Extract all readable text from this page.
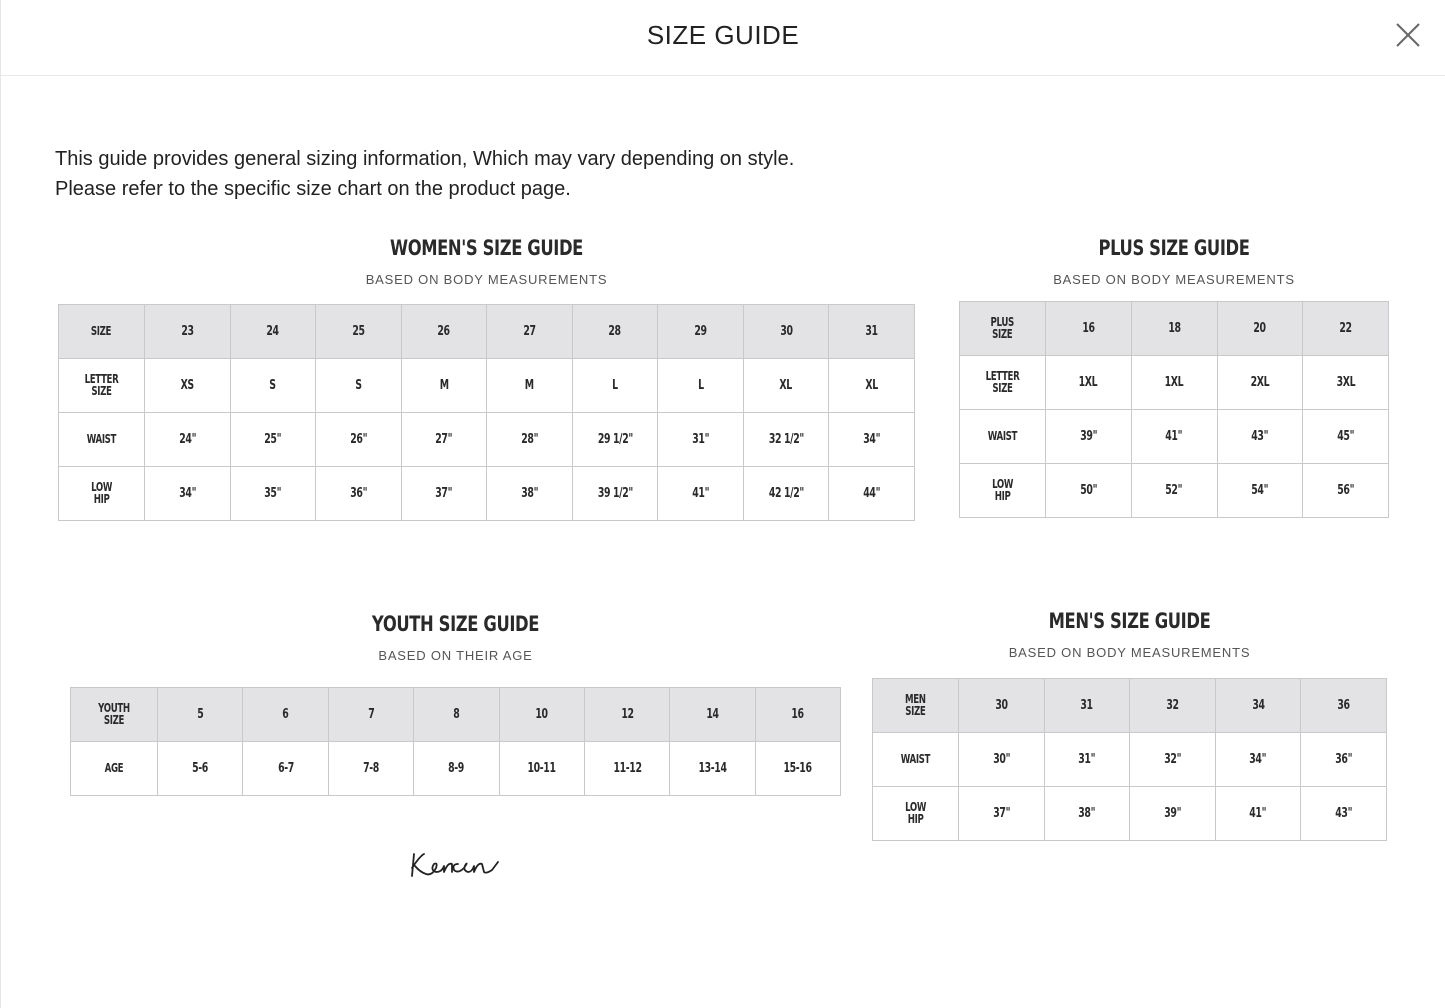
SIZE GUIDE
This guide provides general sizing information, Which may vary depending on style.
Please refer to the specific size chart on the product page.
WOMEN'S SIZE GUIDE
BASED ON BODY MEASUREMENTS
SIZE	23	24	25	26	27	28	29	30	31
LETTER
SIZE	XS	S	S	M	M	L	L	XL	XL
WAIST	24"	25"	26"	27"	28"	29 1/2"	31"	32 1/2"	34"
LOW
HIP	34"	35"	36"	37"	38"	39 1/2"	41"	42 1/2"	44"
PLUS SIZE GUIDE
BASED ON BODY MEASUREMENTS
PLUS
SIZE	16	18	20	22
LETTER
SIZE	1XL	1XL	2XL	3XL
WAIST	39"	41"	43"	45"
LOW
HIP	50"	52"	54"	56"
YOUTH SIZE GUIDE
BASED ON THEIR AGE
YOUTH
SIZE	5	6	7	8	10	12	14	16
AGE	5-6	6-7	7-8	8-9	10-11	11-12	13-14	15-16
MEN'S SIZE GUIDE
BASED ON BODY MEASUREMENTS
MEN
SIZE	30	31	32	34	36
WAIST	30"	31"	32"	34"	36"
LOW
HIP	37"	38"	39"	41"	43"
